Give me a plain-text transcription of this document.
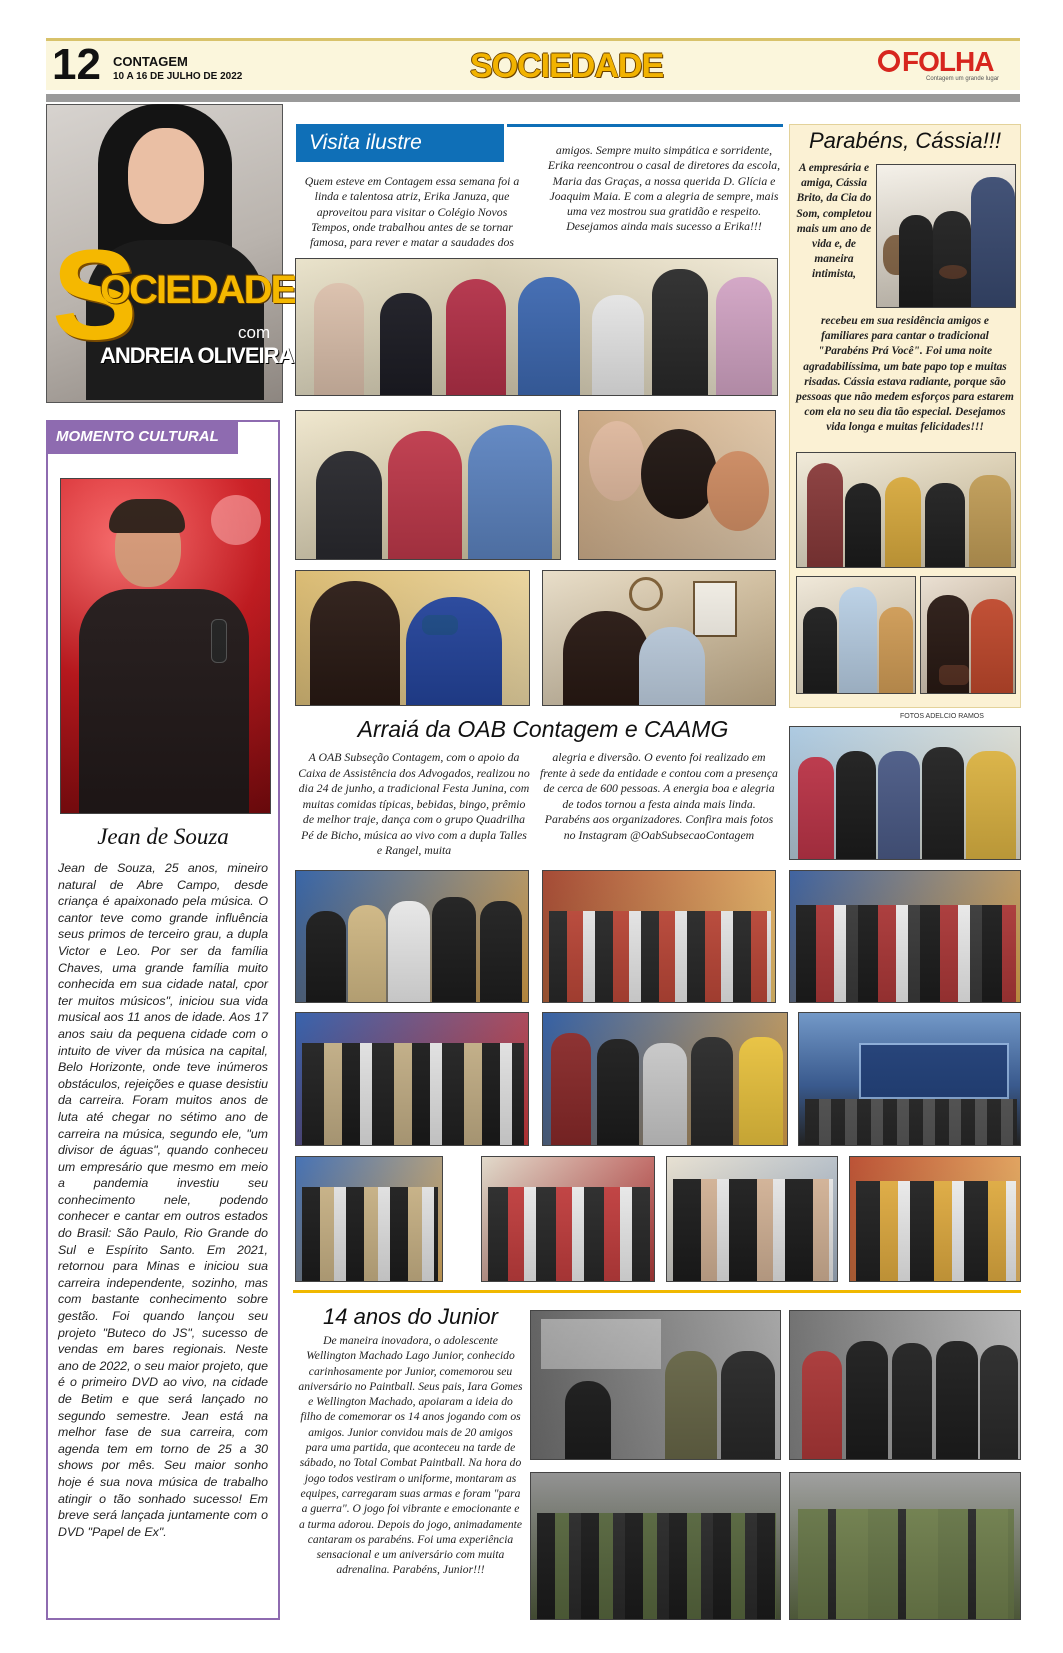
12 CONTAGEM
10 A 16 DE JULHO DE 2022	SOCIEDADE	FOLHA
Contagem um grande lugar
S
OCIEDADE
com
ANDREIA OLIVEIRA
MOMENTO CULTURAL
Jean de Souza
Jean de Souza, 25 anos, mineiro natural de Abre Campo, desde criança é apaixonado pela música. O cantor teve como grande influência seus primos de terceiro grau, a dupla Victor e Leo. Por ser da família Chaves, uma grande família muito conhecida em sua cidade natal, cpor ter muitos músicos", iniciou sua vida musical aos 11 anos de idade. Aos 17 anos saiu da pequena cidade com o intuito de viver da música na capital, Belo Horizonte, onde teve inúmeros obstáculos, rejeições e quase desistiu da carreira. Foram muitos anos de luta até chegar no sétimo ano de carreira na música, segundo ele, "um divisor de águas", quando conheceu um empresário que mesmo em meio a pandemia investiu seu conhecimento nele, podendo conhecer e cantar em outros estados do Brasil: São Paulo, Rio Grande do Sul e Espírito Santo. Em 2021, retornou para Minas e iniciou sua carreira independente, sozinho, mas com bastante conhecimento sobre gestão. Foi quando lançou seu projeto "Buteco do JS", sucesso de vendas em bares regionais. Neste ano de 2022, o seu maior projeto, que é o primeiro DVD ao vivo, na cidade de Betim e que será lançado no segundo semestre. Jean está na melhor fase de sua carreira, com agenda tem em torno de 25 a 30 shows por mês. Seu maior sonho hoje é sua nova música de trabalho atingir o tão sonhado sucesso! Em breve será lançada juntamente com o DVD "Papel de Ex".
Visita ilustre
Quem esteve em Contagem essa semana foi a linda e talentosa atriz, Erika Januza, que aproveitou para visitar o Colégio Novos Tempos, onde trabalhou antes de se tornar famosa, para rever e matar a saudades dos
amigos. Sempre muito simpática e sorridente, Erika reencontrou o casal de diretores da escola, Maria das Graças, a nossa querida D. Glícia e Joaquim Maia. E com a alegria de sempre, mais uma vez mostrou sua gratidão e respeito. Desejamos ainda mais sucesso a Erika!!!
Parabéns, Cássia!!!
A empresária e amiga, Cássia Brito, da Cia do Som, completou mais um ano de vida e, de maneira intimista,
recebeu em sua residência amigos e familiares para cantar o tradicional "Parabéns Prá Você". Foi uma noite agradabilíssima, um bate papo top e muitas risadas. Cássia estava radiante, porque são pessoas que não medem esforços para estarem com ela no seu dia tão especial. Desejamos vida longa e muitas felicidades!!!
FOTOS ADELCIO RAMOS
Arraiá da OAB Contagem e CAAMG
A OAB Subseção Contagem, com o apoio da Caixa de Assistência dos Advogados, realizou no dia 24 de junho, a tradicional Festa Junina, com muitas comidas típicas, bebidas, bingo, prêmio de melhor traje, dança com o grupo Quadrilha Pé de Bicho, música ao vivo com a dupla Talles e Rangel, muita
alegria e diversão. O evento foi realizado em frente à sede da entidade e contou com a presença de cerca de 600 pessoas. A energia boa e alegria de todos tornou a festa ainda mais linda. Parabéns aos organizadores. Confira mais fotos no Instagram @OabSubsecaoContagem
14 anos do Junior
De maneira inovadora, o adolescente Wellington Machado Lago Junior, conhecido carinhosamente por Junior, comemorou seu aniversário no Paintball. Seus pais, Iara Gomes e Wellington Machado, apoiaram a ideia do filho de comemorar os 14 anos jogando com os amigos. Junior convidou mais de 20 amigos para uma partida, que aconteceu na tarde de sábado, no Total Combat Paintball. Na hora do jogo todos vestiram o uniforme, montaram as equipes, carregaram suas armas e foram "para a guerra". O jogo foi vibrante e emocionante e a turma adorou. Depois do jogo, animadamente cantaram os parabéns. Foi uma experiência sensacional e um aniversário com muita adrenalina. Parabéns, Junior!!!
